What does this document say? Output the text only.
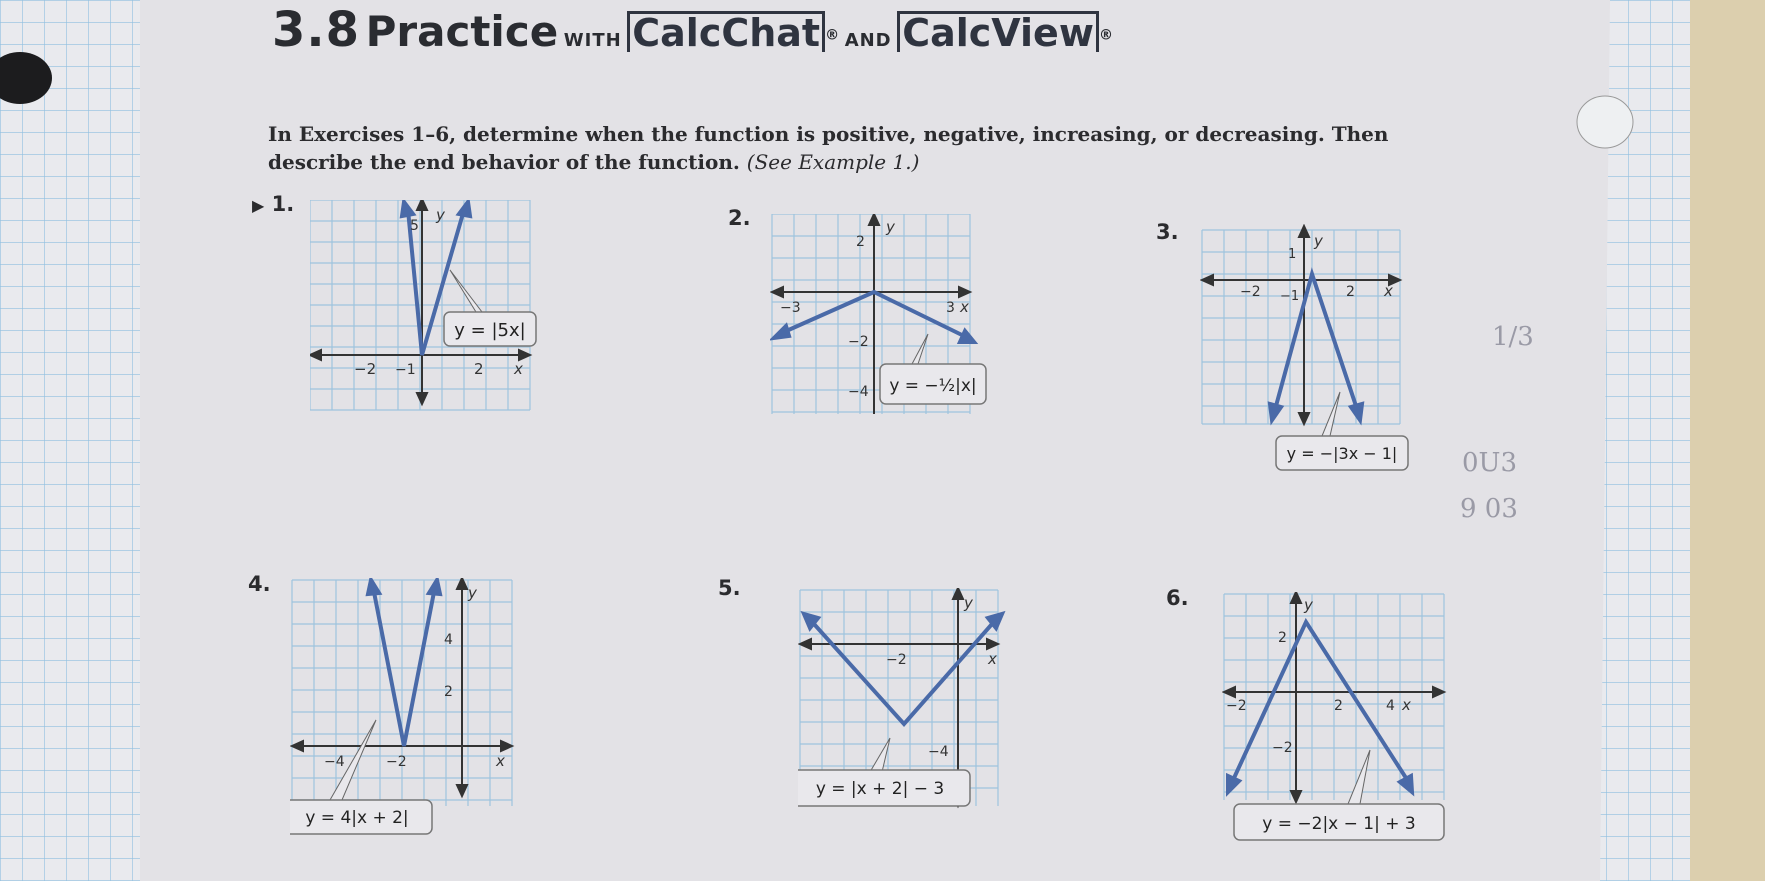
3.8 Practice WITH CalcChat ® AND CalcView ®
In Exercises 1–6, determine when the function is positive, negative, increasing, or decreasing. Then describe the end behavior of the function. (See Example 1.)
▶ 1.
2.
3.
4.	5.	6.
5
y
−1
−2	2 x
y = |5x|
2
y
−3	3 x
−2
−4 y = −½|x|
1
y
−2 −1	2 x
y = −|3x − 1|
y
4
2
−4	−2	x
y = 4|x + 2|
y
−2	x
−4
y = |x + 2| − 3
y
2
−2	2	4 x
−2
y = −2|x − 1| + 3
1/3
0U3
9 03
